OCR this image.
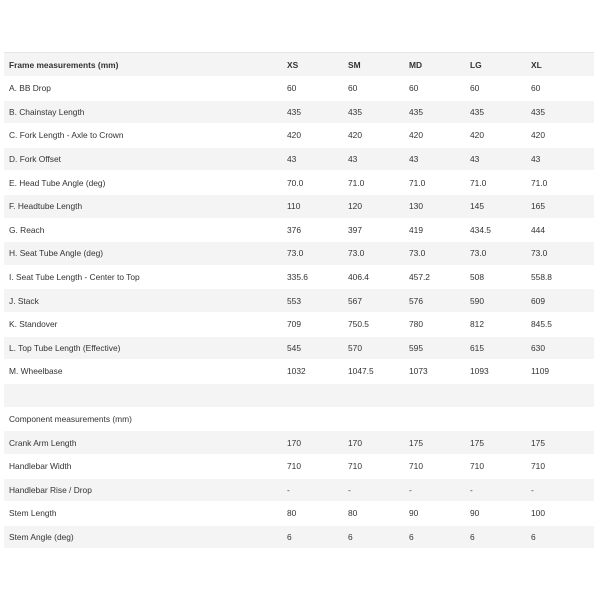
Frame measurements (mm)	XS	SM	MD	LG	XL
A. BB Drop	60	60	60	60	60
B. Chainstay Length	435	435	435	435	435
C. Fork Length - Axle to Crown	420	420	420	420	420
D. Fork Offset	43	43	43	43	43
E. Head Tube Angle (deg)	70.0	71.0	71.0	71.0	71.0
F. Headtube Length	110	120	130	145	165
G. Reach	376	397	419	434.5	444
H. Seat Tube Angle (deg)	73.0	73.0	73.0	73.0	73.0
I. Seat Tube Length - Center to Top	335.6	406.4	457.2	508	558.8
J. Stack	553	567	576	590	609
K. Standover	709	750.5	780	812	845.5
L. Top Tube Length (Effective)	545	570	595	615	630
M. Wheelbase	1032	1047.5	1073	1093	1109
Component measurements (mm)
Crank Arm Length	170	170	175	175	175
Handlebar Width	710	710	710	710	710
Handlebar Rise / Drop	-	-	-	-	-
Stem Length	80	80	90	90	100
Stem Angle (deg)	6	6	6	6	6
